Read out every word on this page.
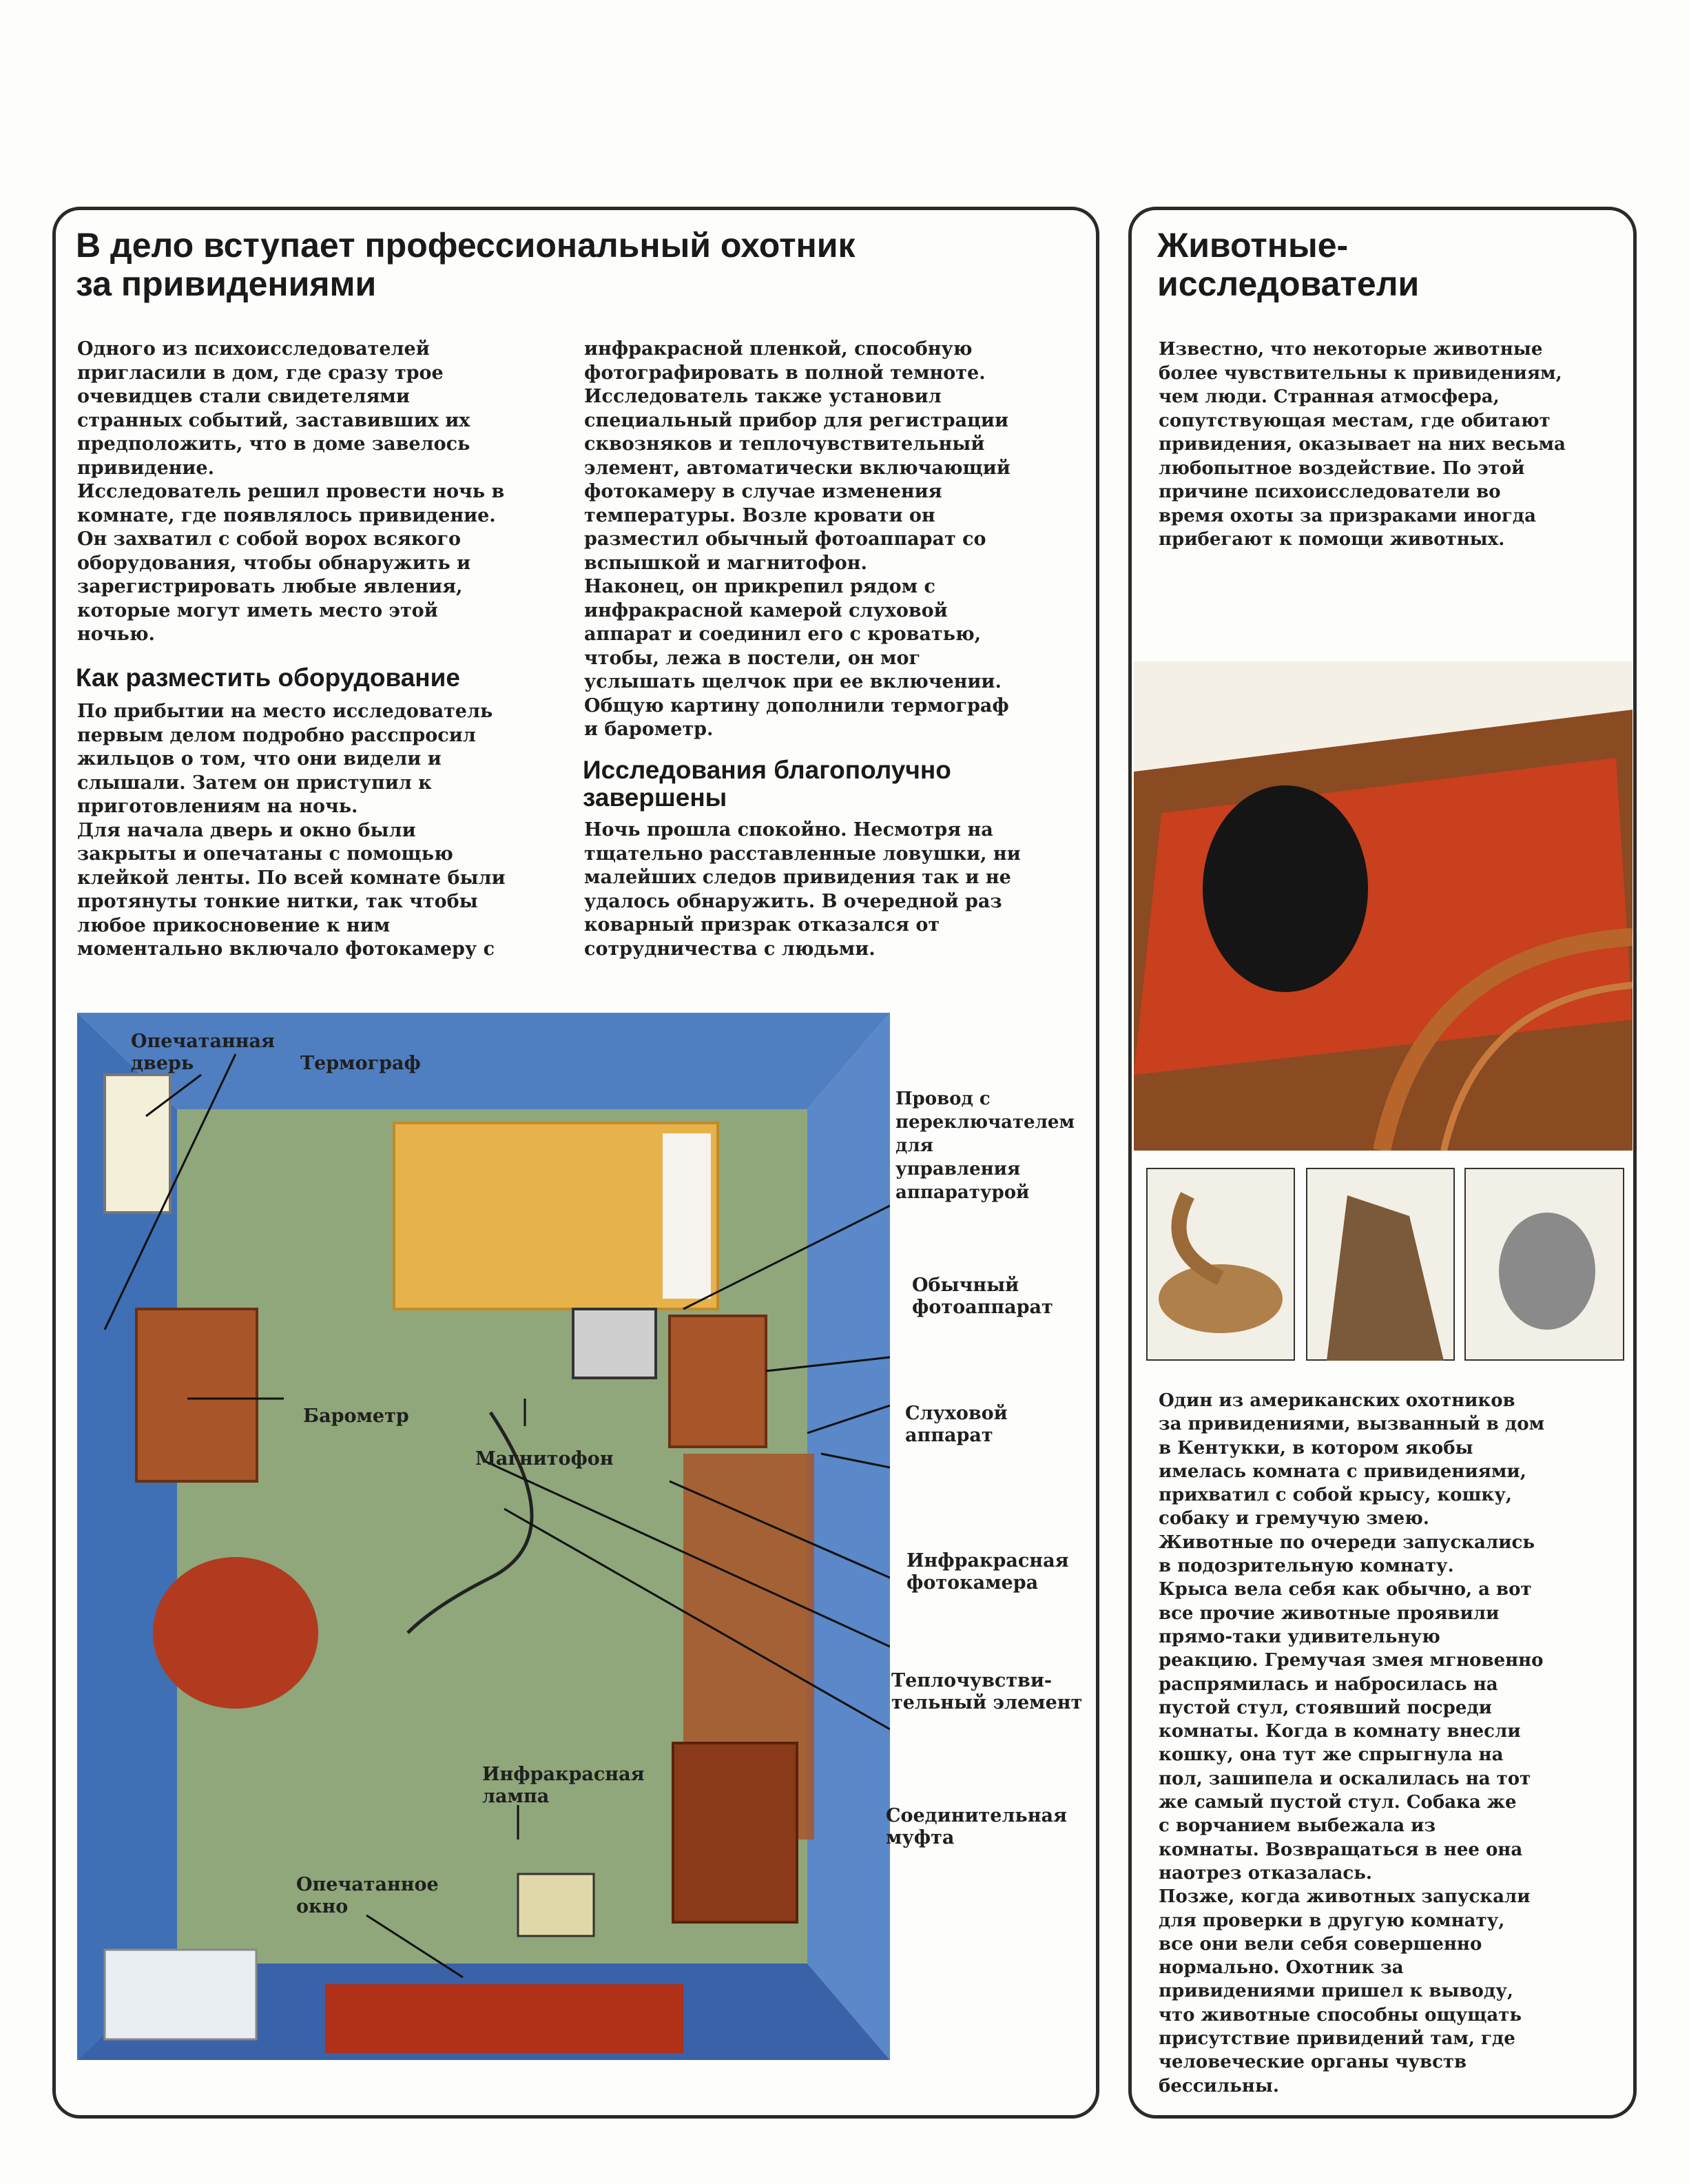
В дело вступает профессиональный охотник
за привидениями
Одного из психоисследователей
пригласили в дом, где сразу трое
очевидцев стали свидетелями
странных событий, заставивших их
предположить, что в доме завелось
привидение.
Исследователь решил провести ночь в
комнате, где появлялось привидение.
Он захватил с собой ворох всякого
оборудования, чтобы обнаружить и
зарегистрировать любые явления,
которые могут иметь место этой
ночью.
Как разместить оборудование
По прибытии на место исследователь
первым делом подробно расспросил
жильцов о том, что они видели и
слышали. Затем он приступил к
приготовлениям на ночь.
Для начала дверь и окно были
закрыты и опечатаны с помощью
клейкой ленты. По всей комнате были
протянуты тонкие нитки, так чтобы
любое прикосновение к ним
моментально включало фотокамеру с
инфракрасной пленкой, способную
фотографировать в полной темноте.
Исследователь также установил
специальный прибор для регистрации
сквозняков и теплочувствительный
элемент, автоматически включающий
фотокамеру в случае изменения
температуры. Возле кровати он
разместил обычный фотоаппарат со
вспышкой и магнитофон.
Наконец, он прикрепил рядом с
инфракрасной камерой слуховой
аппарат и соединил его с кроватью,
чтобы, лежа в постели, он мог
услышать щелчок при ее включении.
Общую картину дополнили термограф
и барометр.
Исследования благополучно
завершены
Ночь прошла спокойно. Несмотря на
тщательно расставленные ловушки, ни
малейших следов привидения так и не
удалось обнаружить. В очередной раз
коварный призрак отказался от
сотрудничества с людьми.
Опечатанная
дверь	Термограф
Провод с
переключателем
для
управления
аппаратурой
Обычный
фотоаппарат
Барометр	Слуховой
аппарат
Магнитофон
Инфракрасная
фотокамера
Теплочувстви-
тельный элемент
Инфракрасная
лампа
Соединительная
муфта
Опечатанное
окно
Животные-
исследователи
Известно, что некоторые животные
более чувствительны к привидениям,
чем люди. Странная атмосфера,
сопутствующая местам, где обитают
привидения, оказывает на них весьма
любопытное воздействие. По этой
причине психоисследователи во
время охоты за призраками иногда
прибегают к помощи животных.
Один из американских охотников
за привидениями, вызванный в дом
в Кентукки, в котором якобы
имелась комната с привидениями,
прихватил с собой крысу, кошку,
собаку и гремучую змею.
Животные по очереди запускались
в подозрительную комнату.
Крыса вела себя как обычно, а вот
все прочие животные проявили
прямо-таки удивительную
реакцию. Гремучая змея мгновенно
распрямилась и набросилась на
пустой стул, стоявший посреди
комнаты. Когда в комнату внесли
кошку, она тут же спрыгнула на
пол, зашипела и оскалилась на тот
же самый пустой стул. Собака же
с ворчанием выбежала из
комнаты. Возвращаться в нее она
наотрез отказалась.
Позже, когда животных запускали
для проверки в другую комнату,
все они вели себя совершенно
нормально. Охотник за
привидениями пришел к выводу,
что животные способны ощущать
присутствие привидений там, где
человеческие органы чувств
бессильны.
